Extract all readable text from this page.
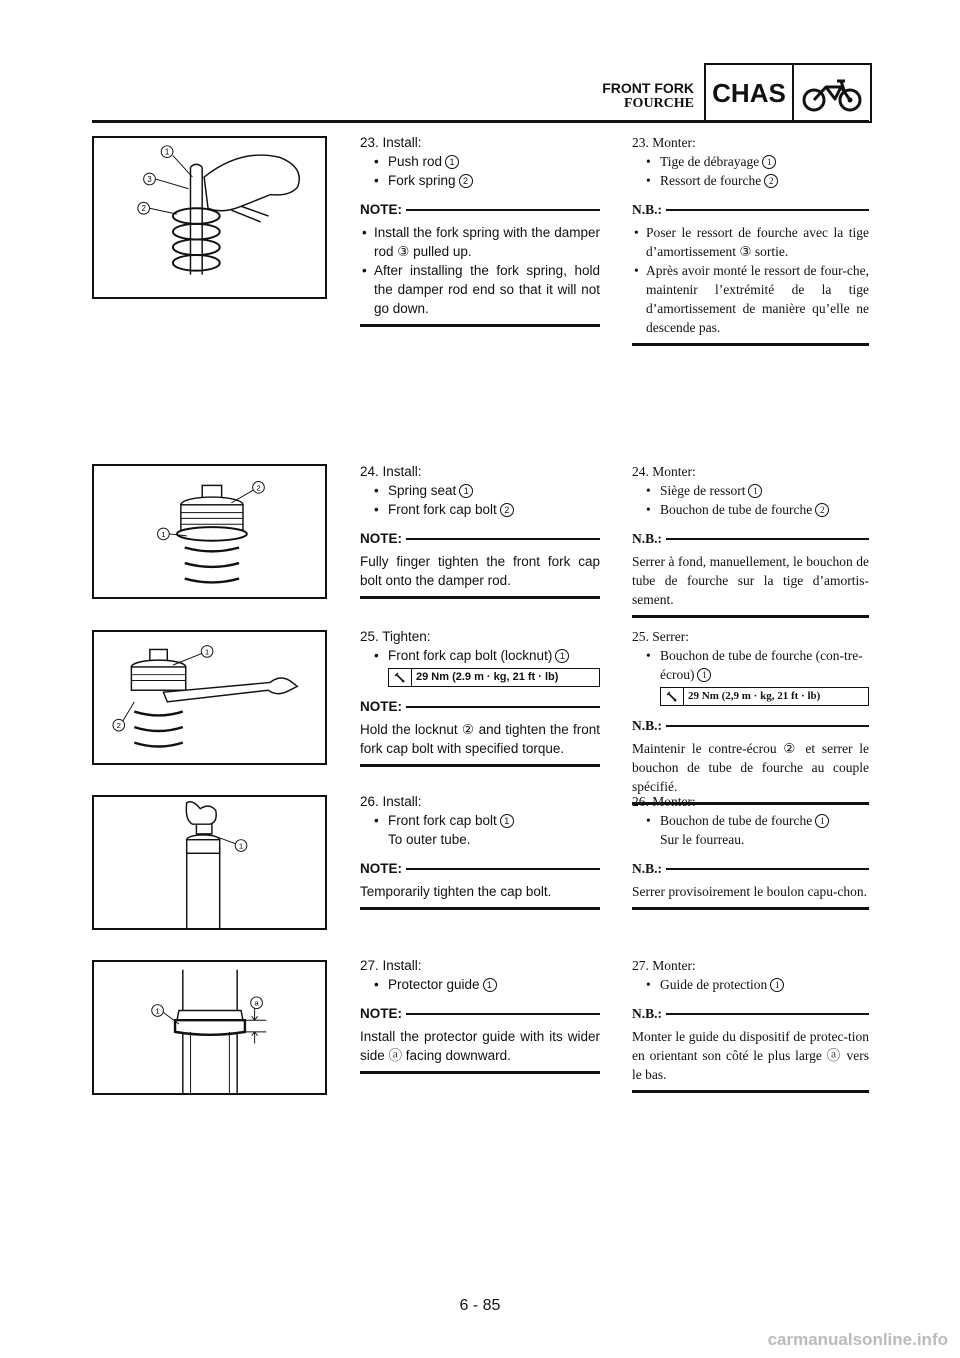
FRONT FORK
FOURCHE CHAS
1
3
2
2
1
1
2
1
1
a

23. Install:

• Push rod 1

• Fork spring 2

NOTE:
• Install the fork spring with the damper rod ③ pulled up.
• After installing the fork spring, hold the damper rod end so that it will not go down.

23. Monter:

• Tige de débrayage 1

• Ressort de fourche 2

N.B.:
• Poser le ressort de fourche avec la tige d’amortissement ③ sortie.
• Après avoir monté le ressort de four-che, maintenir l’extrémité de la tige d’amortissement de manière qu’elle ne descende pas.

24. Install:

• Spring seat 1

• Front fork cap bolt 2

NOTE:
Fully finger tighten the front fork cap bolt onto the damper rod.

24. Monter:

• Siège de ressort 1

• Bouchon de tube de fourche 2

N.B.:
Serrer à fond, manuellement, le bouchon de tube de fourche sur la tige d’amortis-sement.

25. Tighten:

• Front fork cap bolt (locknut) 1

29 Nm (2.9 m · kg, 21 ft · lb)
NOTE:
Hold the locknut ② and tighten the front fork cap bolt with specified torque.

25. Serrer:

• Bouchon de tube de fourche (con-tre-écrou) 1

29 Nm (2,9 m · kg, 21 ft · lb)
N.B.:
Maintenir le contre-écrou ② et serrer le bouchon de tube de fourche au couple spécifié.

26. Install:

• Front fork cap bolt 1

To outer tube.

NOTE:
Temporarily tighten the cap bolt.

26. Monter:

• Bouchon de tube de fourche 1

Sur le fourreau.

N.B.:
Serrer provisoirement le boulon capu-chon.

27. Install:

• Protector guide 1

NOTE:
Install the protector guide with its wider side ⓐ facing downward.

27. Monter:

• Guide de protection 1

N.B.:
Monter le guide du dispositif de protec-tion en orientant son côté le plus large ⓐ vers le bas.
6 - 85
carmanualsonline.info
